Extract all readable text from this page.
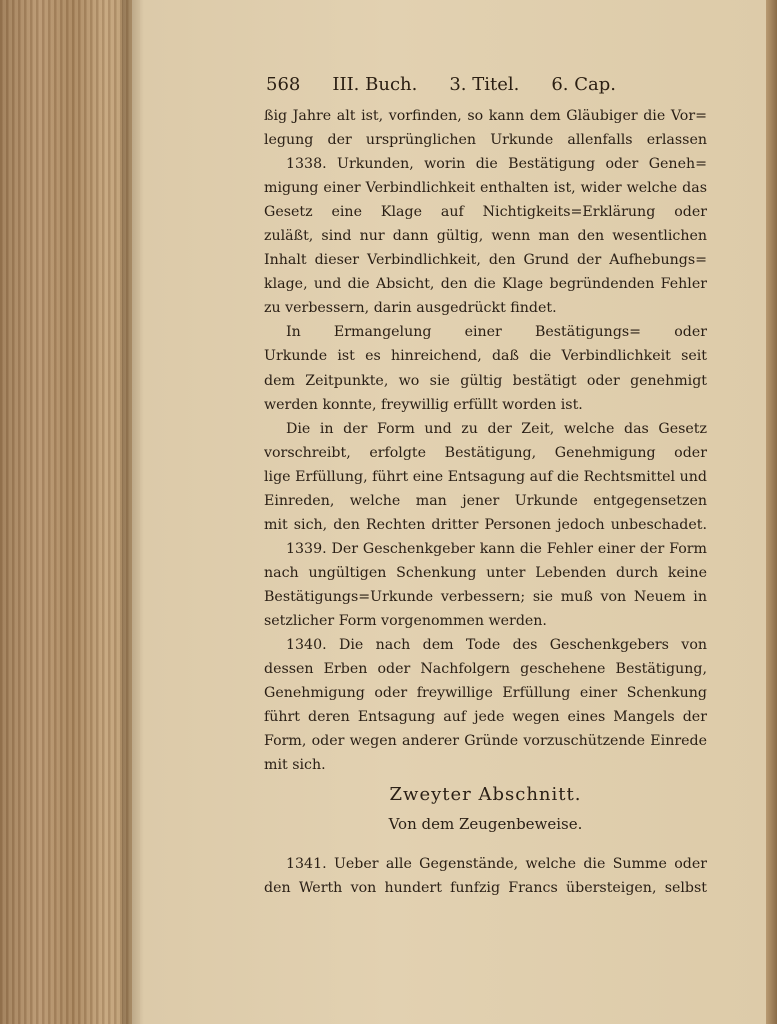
568 III. Buch. 3. Titel. 6. Cap.
ßig Jahre alt ist, vorfinden, so kann dem Gläubiger die Vor=
legung der ursprünglichen Urkunde allenfalls erlassen
1338. Urkunden, worin die Bestätigung oder Geneh=
migung einer Verbindlichkeit enthalten ist, wider welche das
Gesetz eine Klage auf Nichtigkeits=Erklärung oder
zuläßt, sind nur dann gültig, wenn man den wesentlichen
Inhalt dieser Verbindlichkeit, den Grund der Aufhebungs=
klage, und die Absicht, den die Klage begründenden Fehler
zu verbessern, darin ausgedrückt findet.
In Ermangelung einer Bestätigungs= oder
Urkunde ist es hinreichend, daß die Verbindlichkeit seit
dem Zeitpunkte, wo sie gültig bestätigt oder genehmigt
werden konnte, freywillig erfüllt worden ist.
Die in der Form und zu der Zeit, welche das Gesetz
vorschreibt, erfolgte Bestätigung, Genehmigung oder
lige Erfüllung, führt eine Entsagung auf die Rechtsmittel und
Einreden, welche man jener Urkunde entgegensetzen
mit sich, den Rechten dritter Personen jedoch unbeschadet.
1339. Der Geschenkgeber kann die Fehler einer der Form
nach ungültigen Schenkung unter Lebenden durch keine
Bestätigungs=Urkunde verbessern; sie muß von Neuem in
setzlicher Form vorgenommen werden.
1340. Die nach dem Tode des Geschenkgebers von
dessen Erben oder Nachfolgern geschehene Bestätigung,
Genehmigung oder freywillige Erfüllung einer Schenkung
führt deren Entsagung auf jede wegen eines Mangels der
Form, oder wegen anderer Gründe vorzuschützende Einrede
mit sich.
Zweyter Abschnitt.
Von dem Zeugenbeweise.
1341. Ueber alle Gegenstände, welche die Summe oder
den Werth von hundert funfzig Francs übersteigen, selbst
